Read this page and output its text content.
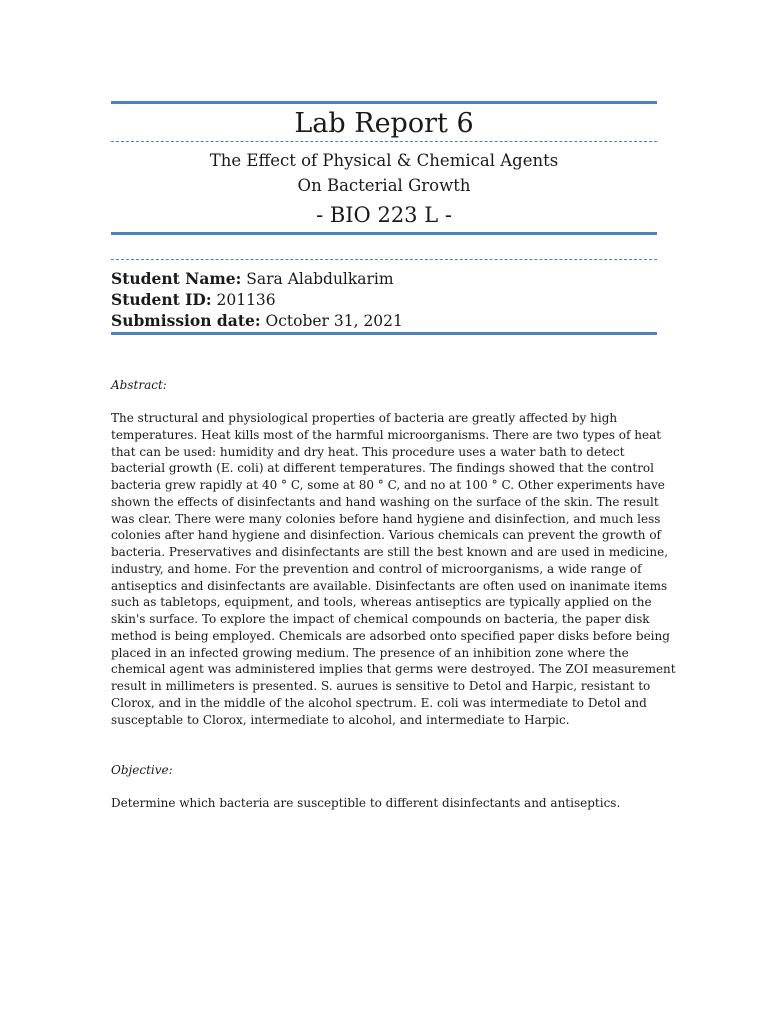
Lab Report 6

The Effect of Physical & Chemical Agents

On Bacterial Growth

- BIO 223 L -

Student Name: Sara Alabdulkarim
Student ID: 201136
Submission date: October 31, 2021
Abstract:
The structural and physiological properties of bacteria are greatly affected by high
temperatures. Heat kills most of the harmful microorganisms. There are two types of heat
that can be used: humidity and dry heat. This procedure uses a water bath to detect
bacterial growth (E. coli) at different temperatures. The findings showed that the control
bacteria grew rapidly at 40 ° C, some at 80 ° C, and no at 100 ° C. Other experiments have
shown the effects of disinfectants and hand washing on the surface of the skin. The result
was clear. There were many colonies before hand hygiene and disinfection, and much less
colonies after hand hygiene and disinfection. Various chemicals can prevent the growth of
bacteria. Preservatives and disinfectants are still the best known and are used in medicine,
industry, and home. For the prevention and control of microorganisms, a wide range of
antiseptics and disinfectants are available. Disinfectants are often used on inanimate items
such as tabletops, equipment, and tools, whereas antiseptics are typically applied on the
skin's surface. To explore the impact of chemical compounds on bacteria, the paper disk
method is being employed. Chemicals are adsorbed onto specified paper disks before being
placed in an infected growing medium. The presence of an inhibition zone where the
chemical agent was administered implies that germs were destroyed. The ZOI measurement
result in millimeters is presented. S. aurues is sensitive to Detol and Harpic, resistant to
Clorox, and in the middle of the alcohol spectrum. E. coli was intermediate to Detol and
susceptable to Clorox, intermediate to alcohol, and intermediate to Harpic.
Objective:

Determine which bacteria are susceptible to different disinfectants and antiseptics.
